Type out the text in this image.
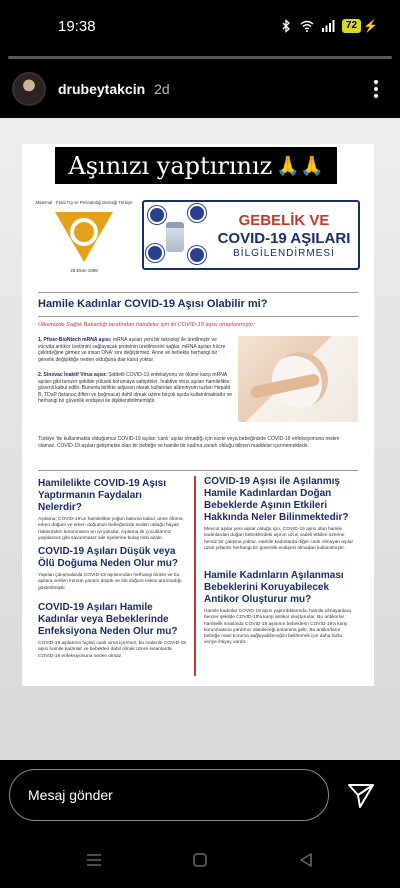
19:38	72 ⚡
drubeytakcin 2d
Aşınızı yaptırınız 🙏🙏
Maternal - Fetal Tıp ve Perinatoloji Derneği Türkiye
25 Ekim 1998
GEBELİK VE
COVID-19 AŞILARI
BİLGİLENDİRMESİ
Hamile Kadınlar COVID-19 Aşısı Olabilir mi?
Ülkemizde Sağlık Bakanlığı tarafından hamileler için iki COVID-19 aşısı onaylanmıştır:
1. Pfizer-BioNtech mRNA aşısı: mRNA aşıları yeni bir teknoloji ile üretilmiştir ve vücutta antikor üretimini sağlayacak proteinin üretilmesini sağlar. mRNA aşıları hücre çekirdeğine girmez ve insan DNA' sını değiştirmez. Anne ve bebekte herhangi bir genetik değişikliğe neden olduğuna dair kanıt yoktur.
2. Sinovac İnaktif Virus aşısı: Şiddetli COVID-19 enfeksiyonu ve ölüme karşı mRNA aşıları gibi benzer şekilde yüksek korumaya sahiptirler. İnaktive virüs aşıları hamilelikte güvenli kabul edilir. Bununla birlikte adjuvan olarak kullanılan alüminyum tuzları Hepatit B, TDaP (tetanoz,difteri ve boğmaca) dahil olmak üzere birçok aşıda kullanılmaktadır ve herhangi bir güvenlik endişesi ile ilişkilendirilmemiştir.
Türkiye 'de kullanmakta olduğumuz COVID-19 aşıları 'canlı' aşılar olmadığı için sizde veya bebeğinizde COVID-19 enfeksiyonuna neden olamaz. COVID-19 aşıları gelişmekte olan bir bebeğe ve hamile bir kadına zararlı olduğu bilinen maddeler içermemektedir.
Hamilelikte COVID-19 Aşısı Yaptırmanın Faydaları Nelerdir?
Aşılama, COVID-19'un hamilelikte yoğun bakıma kabul, anne ölümü, erken doğum ve erken doğumun bebeğinizde neden olduğu hayati risklerinden korunmanın en iyi yoludur. Aşılama ile çocuklarınız yaşlılarınız gibi savunmasız aile üyelerine bulaş riski azalır.
COVID-19 Aşıları Düşük veya Ölü Doğuma Neden Olur mu?
Yapılan çalışmalarda COVID-19 aşılanından herhangi birinin ve bu aşılara verilen immün yanıtın düşük ve ölü doğum riskini artırmadığı gösterilmiştir.
COVID-19 Aşıları Hamile Kadınlar veya Bebeklerinde Enfeksiyona Neden Olur mu?
COVID-19 aşılarının hiçbiri canlı virüs içermez, bu nedenle COVID-19 aşısı hamile kadınlar ve bebekleri dahil olmak üzere insanlarda COVID-19 enfeksiyonuna neden olmaz.
COVID-19 Aşısı ile Aşılanmış Hamile Kadınlardan Doğan Bebeklerde Aşının Etkileri Hakkında Neler Bilinmektedir?
Mevcut aşılar yeni aşılar olduğu için, COVID-19 aşısı olan hamile kadınlardan doğan bebeklerdeki aşının uzun vadeli etkileri üzerine henüz bir çalışma yoktur. Hamile kadınlarda diğer canlı olmayan aşılar uzun yıllardır herhangi bir güvenlik endişesi olmadan kullanılmıştır.
Hamile Kadınların Aşılanması Bebeklerini Koruyabilecek Antikor Oluşturur mu?
Hamile kadınlar COVID-19 aşısı yaptırdıklarında, hamile olmayanlara benzer şekilde COVID-19'a karşı antikor oluştururlar. Bu antikorlar hamilelik sırasında COVID-19 aşısının bebeklerin COVID-19'a karşı korunmasına yardımcı olabileceği anlamına gelir. Bu antikorların bebeğe nasıl koruma sağlayabileceğini belirlemek için daha fazla veriye ihtiyaç vardır.
Mesaj gönder
